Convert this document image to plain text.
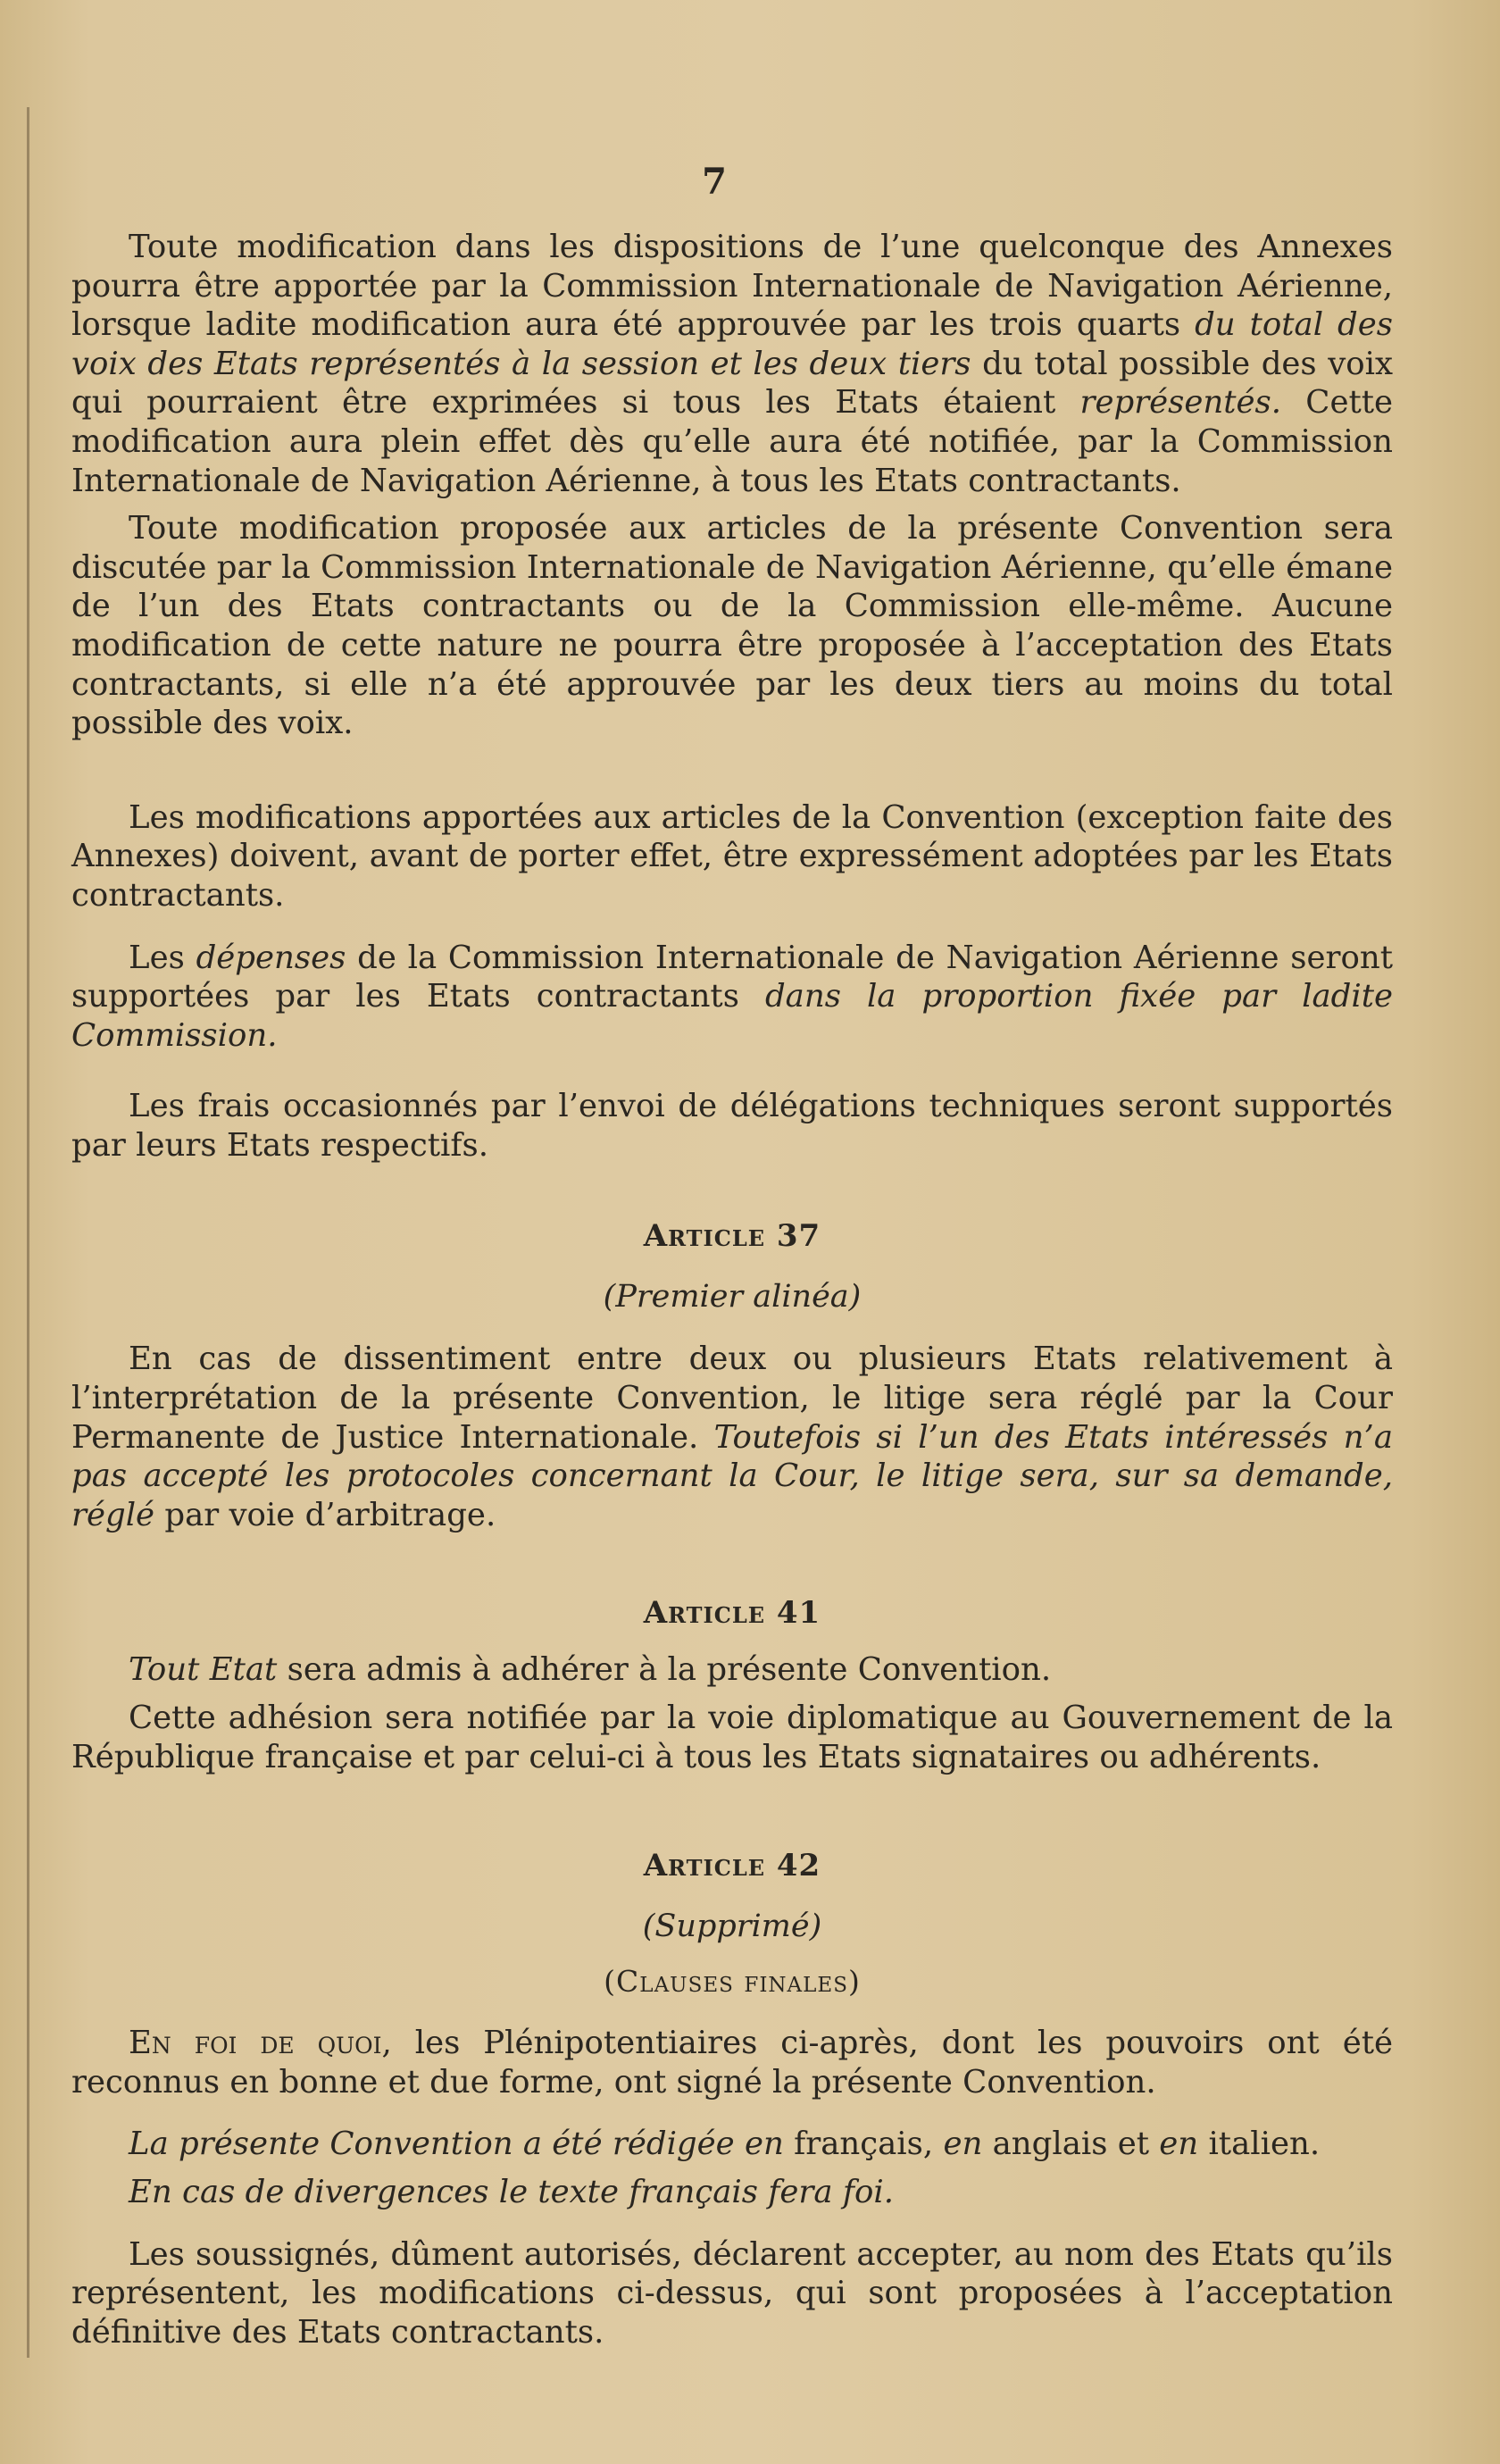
7

Toute modification dans les dispositions de l’une quelconque des Annexes pourra être apportée par la Commission Internationale de Navigation Aérienne, lorsque ladite modification aura été approuvée par les trois quarts du total des voix des Etats représentés à la session et les deux tiers du total possible des voix qui pourraient être exprimées si tous les Etats étaient représentés. Cette modification aura plein effet dès qu’elle aura été notifiée, par la Commission Internationale de Navigation Aérienne, à tous les Etats contractants.

Toute modification proposée aux articles de la présente Convention sera discutée par la Commission Internationale de Navigation Aérienne, qu’elle émane de l’un des Etats contractants ou de la Commission elle-même. Aucune modification de cette nature ne pourra être proposée à l’acceptation des Etats contractants, si elle n’a été approuvée par les deux tiers au moins du total possible des voix.

Les modifications apportées aux articles de la Convention (exception faite des Annexes) doivent, avant de porter effet, être expressément adoptées par les Etats contractants.

Les dépenses de la Commission Internationale de Navigation Aérienne seront supportées par les Etats contractants dans la proportion fixée par ladite Commission.

Les frais occasionnés par l’envoi de délégations techniques seront supportés par leurs Etats respectifs.

Article 37

(Premier alinéa)

En cas de dissentiment entre deux ou plusieurs Etats relativement à l’interprétation de la présente Convention, le litige sera réglé par la Cour Permanente de Justice Internationale. Toutefois si l’un des Etats intéressés n’a pas accepté les protocoles concernant la Cour, le litige sera, sur sa demande, réglé par voie d’arbitrage.

Article 41

Tout Etat sera admis à adhérer à la présente Convention.

Cette adhésion sera notifiée par la voie diplomatique au Gouvernement de la République française et par celui-ci à tous les Etats signataires ou adhérents.

Article 42

(Supprimé)

(Clauses finales)

En foi de quoi, les Plénipotentiaires ci-après, dont les pouvoirs ont été reconnus en bonne et due forme, ont signé la présente Convention.

La présente Convention a été rédigée en français, en anglais et en italien.

En cas de divergences le texte français fera foi.

Les soussignés, dûment autorisés, déclarent accepter, au nom des Etats qu’ils représentent, les modifications ci-dessus, qui sont proposées à l’acceptation définitive des Etats contractants.
